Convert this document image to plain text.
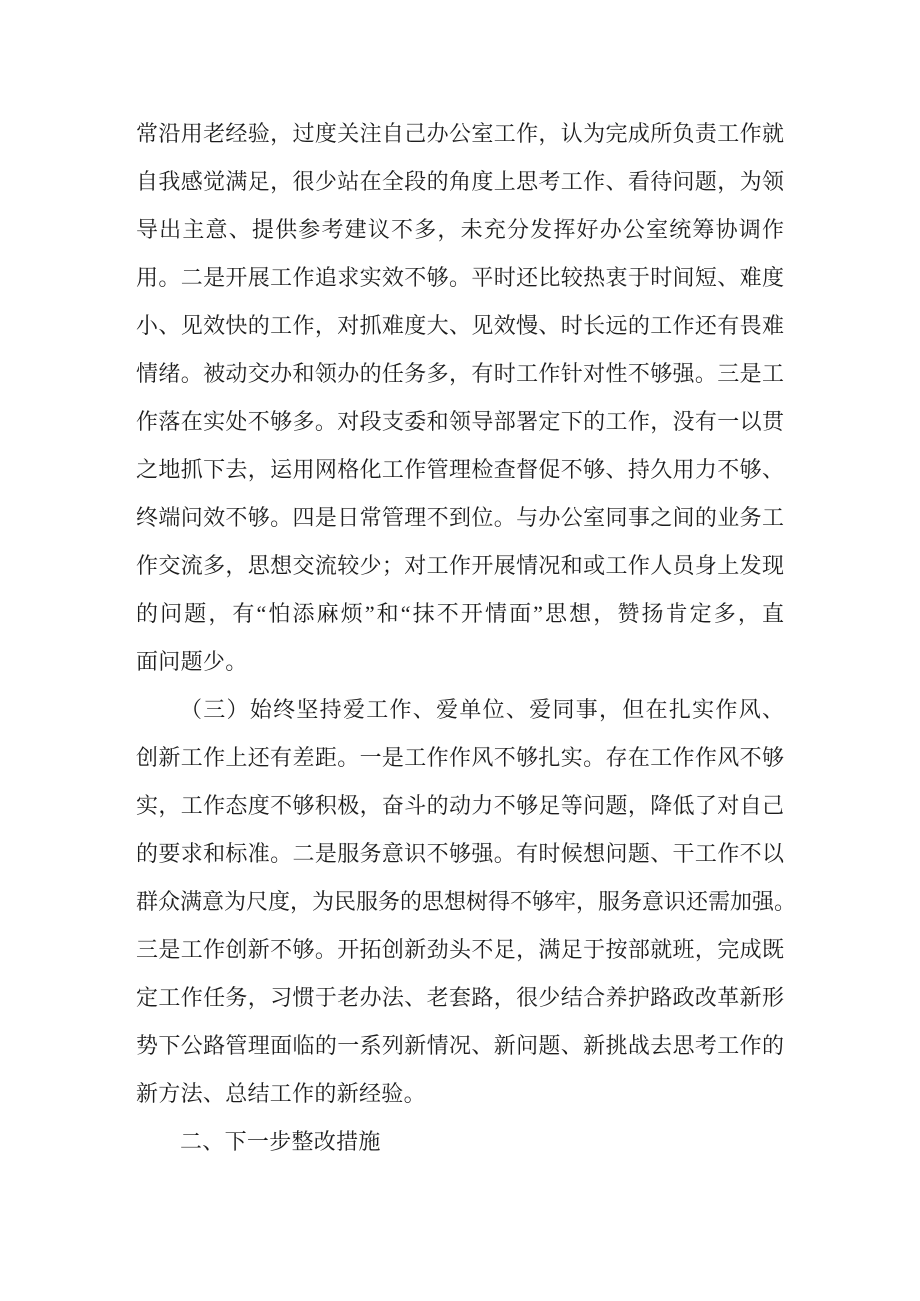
常沿用老经验，过度关注自己办公室工作，认为完成所负责工作就
自我感觉满足，很少站在全段的角度上思考工作、看待问题，为领
导出主意、提供参考建议不多，未充分发挥好办公室统筹协调作
用。二是开展工作追求实效不够。平时还比较热衷于时间短、难度
小、见效快的工作，对抓难度大、见效慢、时长远的工作还有畏难
情绪。被动交办和领办的任务多，有时工作针对性不够强。三是工
作落在实处不够多。对段支委和领导部署定下的工作，没有一以贯
之地抓下去，运用网格化工作管理检查督促不够、持久用力不够、
终端问效不够。四是日常管理不到位。与办公室同事之间的业务工
作交流多，思想交流较少；对工作开展情况和或工作人员身上发现
的问题，有“怕添麻烦”和“抹不开情面”思想，赞扬肯定多，直
面问题少。
（三）始终坚持爱工作、爱单位、爱同事，但在扎实作风、
创新工作上还有差距。一是工作作风不够扎实。存在工作作风不够
实，工作态度不够积极，奋斗的动力不够足等问题，降低了对自己
的要求和标准。二是服务意识不够强。有时候想问题、干工作不以
群众满意为尺度，为民服务的思想树得不够牢，服务意识还需加强。
三是工作创新不够。开拓创新劲头不足，满足于按部就班，完成既
定工作任务，习惯于老办法、老套路，很少结合养护路政改革新形
势下公路管理面临的一系列新情况、新问题、新挑战去思考工作的
新方法、总结工作的新经验。
二、下一步整改措施
